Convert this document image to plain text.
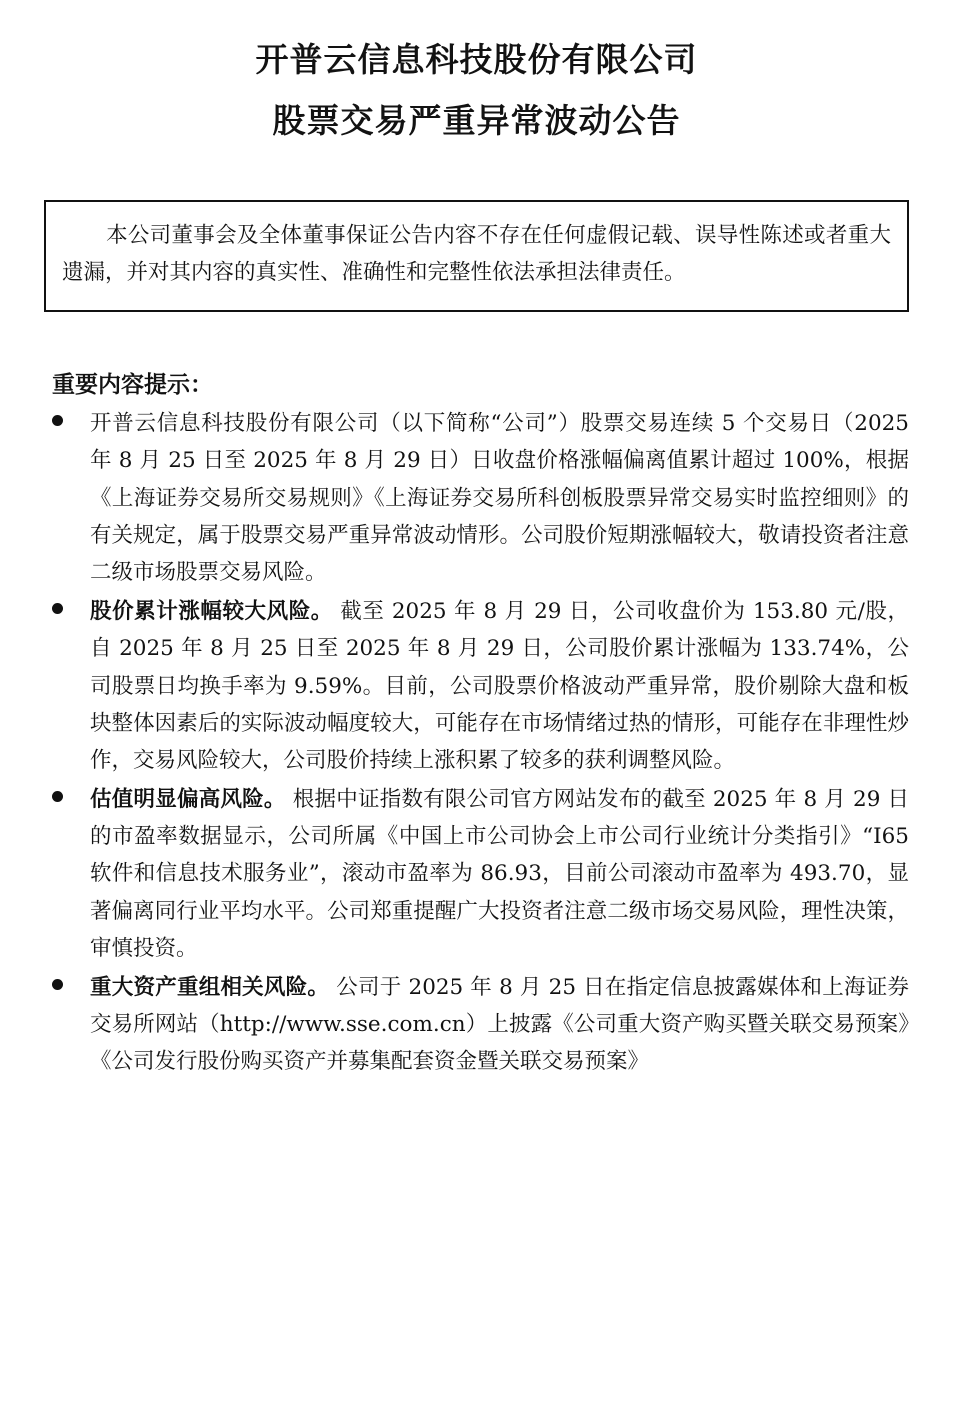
开普云信息科技股份有限公司
股票交易严重异常波动公告

本公司董事会及全体董事保证公告内容不存在任何虚假记载、误导性陈述或者重大遗漏，并对其内容的真实性、准确性和完整性依法承担法律责任。

重要内容提示：
开普云信息科技股份有限公司（以下简称“公司”）股票交易连续 5 个交易日（2025 年 8 月 25 日至 2025 年 8 月 29 日）日收盘价格涨幅偏离值累计超过 100%，根据《上海证券交易所交易规则》《上海证券交易所科创板股票异常交易实时监控细则》的有关规定，属于股票交易严重异常波动情形。公司股价短期涨幅较大，敬请投资者注意二级市场股票交易风险。
股价累计涨幅较大风险。 截至 2025 年 8 月 29 日，公司收盘价为 153.80 元/股，自 2025 年 8 月 25 日至 2025 年 8 月 29 日，公司股价累计涨幅为 133.74%，公司股票日均换手率为 9.59%。目前，公司股票价格波动严重异常，股价剔除大盘和板块整体因素后的实际波动幅度较大，可能存在市场情绪过热的情形，可能存在非理性炒作，交易风险较大，公司股价持续上涨积累了较多的获利调整风险。
估值明显偏高风险。 根据中证指数有限公司官方网站发布的截至 2025 年 8 月 29 日的市盈率数据显示，公司所属《中国上市公司协会上市公司行业统计分类指引》“I65 软件和信息技术服务业”，滚动市盈率为 86.93，目前公司滚动市盈率为 493.70，显著偏离同行业平均水平。公司郑重提醒广大投资者注意二级市场交易风险，理性决策，审慎投资。
重大资产重组相关风险。 公司于 2025 年 8 月 25 日在指定信息披露媒体和上海证券交易所网站（http://www.sse.com.cn）上披露《公司重大资产购买暨关联交易预案》《公司发行股份购买资产并募集配套资金暨关联交易预案》
